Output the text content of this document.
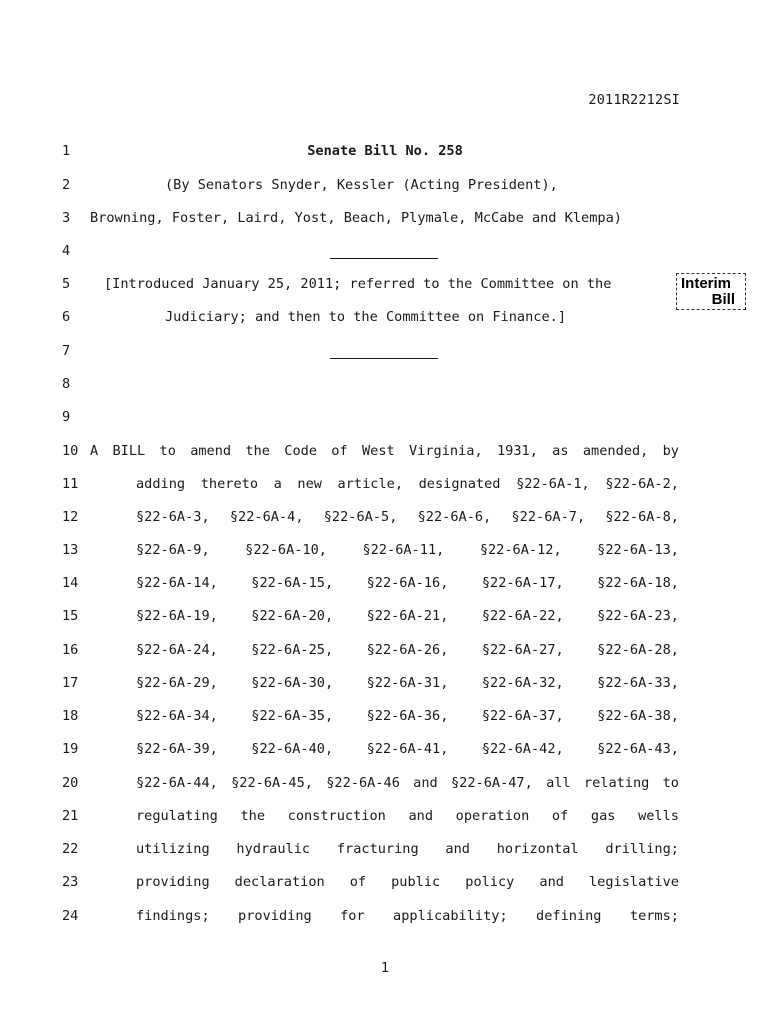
2011R2212SI
1	Senate Bill No. 258
2	(By Senators Snyder, Kessler (Acting President),
3	Browning, Foster, Laird, Yost, Beach, Plymale, McCabe and Klempa)
4
5	[Introduced January 25, 2011; referred to the Committee on the
6	Judiciary; and then to the Committee on Finance.]
7
8
9
10 A BILL to amend the Code of West Virginia, 1931, as amended, by
11	adding thereto a new article, designated §22-6A-1, §22-6A-2,
12	§22-6A-3, §22-6A-4, §22-6A-5, §22-6A-6, §22-6A-7, §22-6A-8,
13	§22-6A-9, §22-6A-10, §22-6A-11, §22-6A-12, §22-6A-13,
14	§22-6A-14, §22-6A-15, §22-6A-16, §22-6A-17, §22-6A-18,
15	§22-6A-19, §22-6A-20, §22-6A-21, §22-6A-22, §22-6A-23,
16	§22-6A-24, §22-6A-25, §22-6A-26, §22-6A-27, §22-6A-28,
17	§22-6A-29, §22-6A-30, §22-6A-31, §22-6A-32, §22-6A-33,
18	§22-6A-34, §22-6A-35, §22-6A-36, §22-6A-37, §22-6A-38,
19	§22-6A-39, §22-6A-40, §22-6A-41, §22-6A-42, §22-6A-43,
20	§22-6A-44, §22-6A-45, §22-6A-46 and §22-6A-47, all relating to
21	regulating the construction and operation of gas wells
22	utilizing hydraulic fracturing and horizontal drilling;
23	providing declaration of public policy and legislative
24	findings; providing for applicability; defining terms;
Interim
Bill
1
